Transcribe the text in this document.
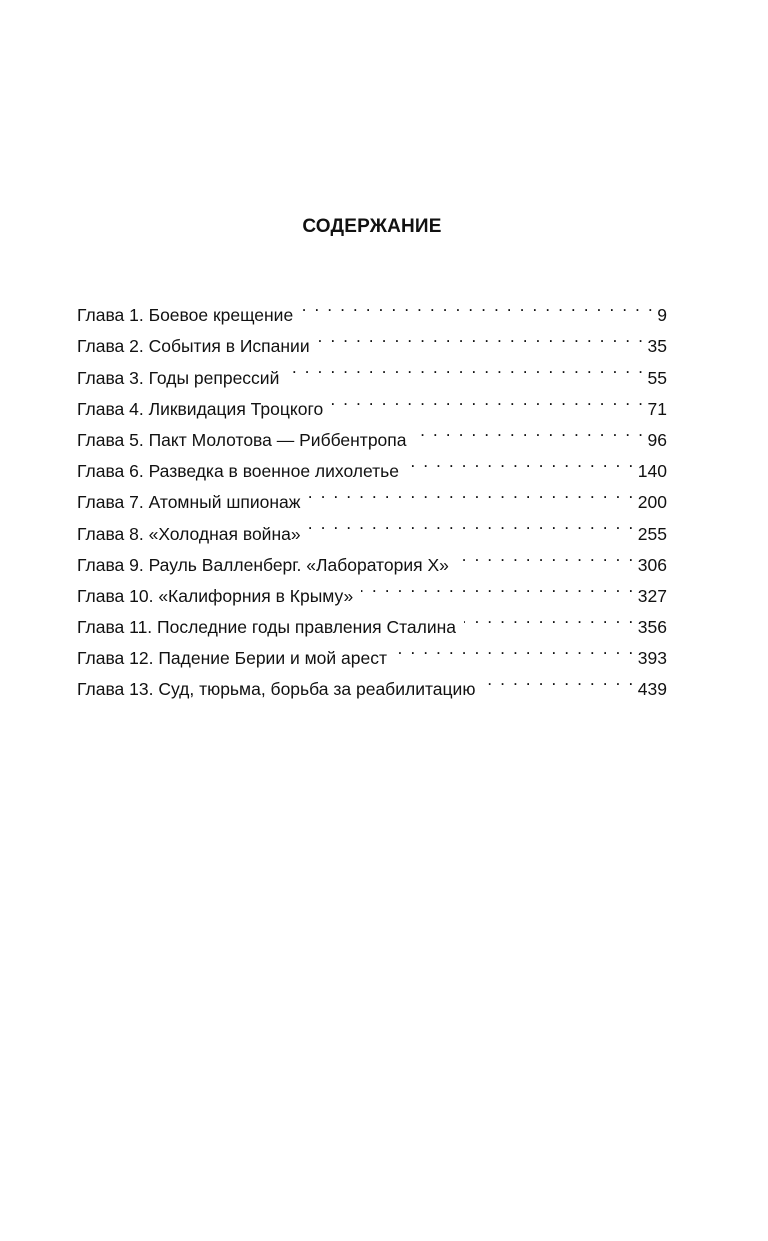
СОДЕРЖАНИЕ
Глава 1. Боевое крещение . . .	9
Глава 2. События в Испании . . .	35
Глава 3. Годы репрессий . . .	55
Глава 4. Ликвидация Троцкого . . .	71
Глава 5. Пакт Молотова — Риббентропа . . .	96
Глава 6. Разведка в военное лихолетье . . .	140
Глава 7. Атомный шпионаж . . .	200
Глава 8. «Холодная война» . . .	255
Глава 9. Рауль Валленберг. «Лаборатория Х» . . .	306
Глава 10. «Калифорния в Крыму» . . .	327
Глава 11. Последние годы правления Сталина . . .	356
Глава 12. Падение Берии и мой арест . . .	393
Глава 13. Суд, тюрьма, борьба за реабилитацию . . .	439
